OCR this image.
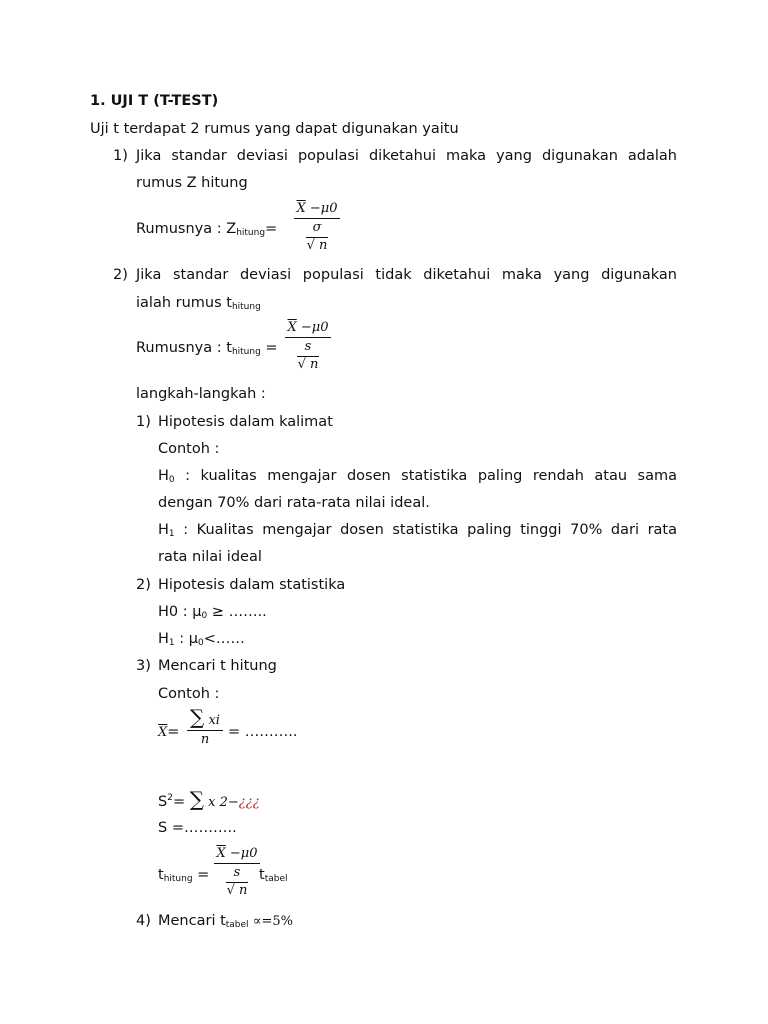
1. UJI T (T-TEST)
Uji t terdapat 2 rumus yang dapat digunakan yaitu
1) Jika standar deviasi populasi diketahui maka yang digunakan adalah
rumus Z hitung
Rumusnya : $Z_{hitung}=$
$\overline{X} -\mu 0$
σ
√ n
2) Jika standar deviasi populasi tidak diketahui maka yang digunakan
ialah rumus $t_{hitung}$
Rumusnya : $t_{hitung}$ =
$\overline{X} -\mu 0$
s
√ n
langkah-langkah :
1) Hipotesis dalam kalimat
Contoh :
$H_0$ : kualitas mengajar dosen statistika paling rendah atau sama
dengan 70% dari rata-rata nilai ideal.
$H_1$ : Kualitas mengajar dosen statistika paling tinggi 70% dari rata
rata nilai ideal
2) Hipotesis dalam statistika
H0 : $\mu_0$ ≥ ……..
$H_1$ : $\mu_0<\dots\dots$
3) Mencari t hitung
Contoh :
$\overline{X}=$
∑ xi
n	= ………..
$S^2=$ ∑ x 2−¿¿¿
S =………..
$t_{hitung}$ =
$\overline{X} -\mu 0$
s
√ n
$t_{tabel}$
4) Mencari $t_{tabel} \propto=5\%$
